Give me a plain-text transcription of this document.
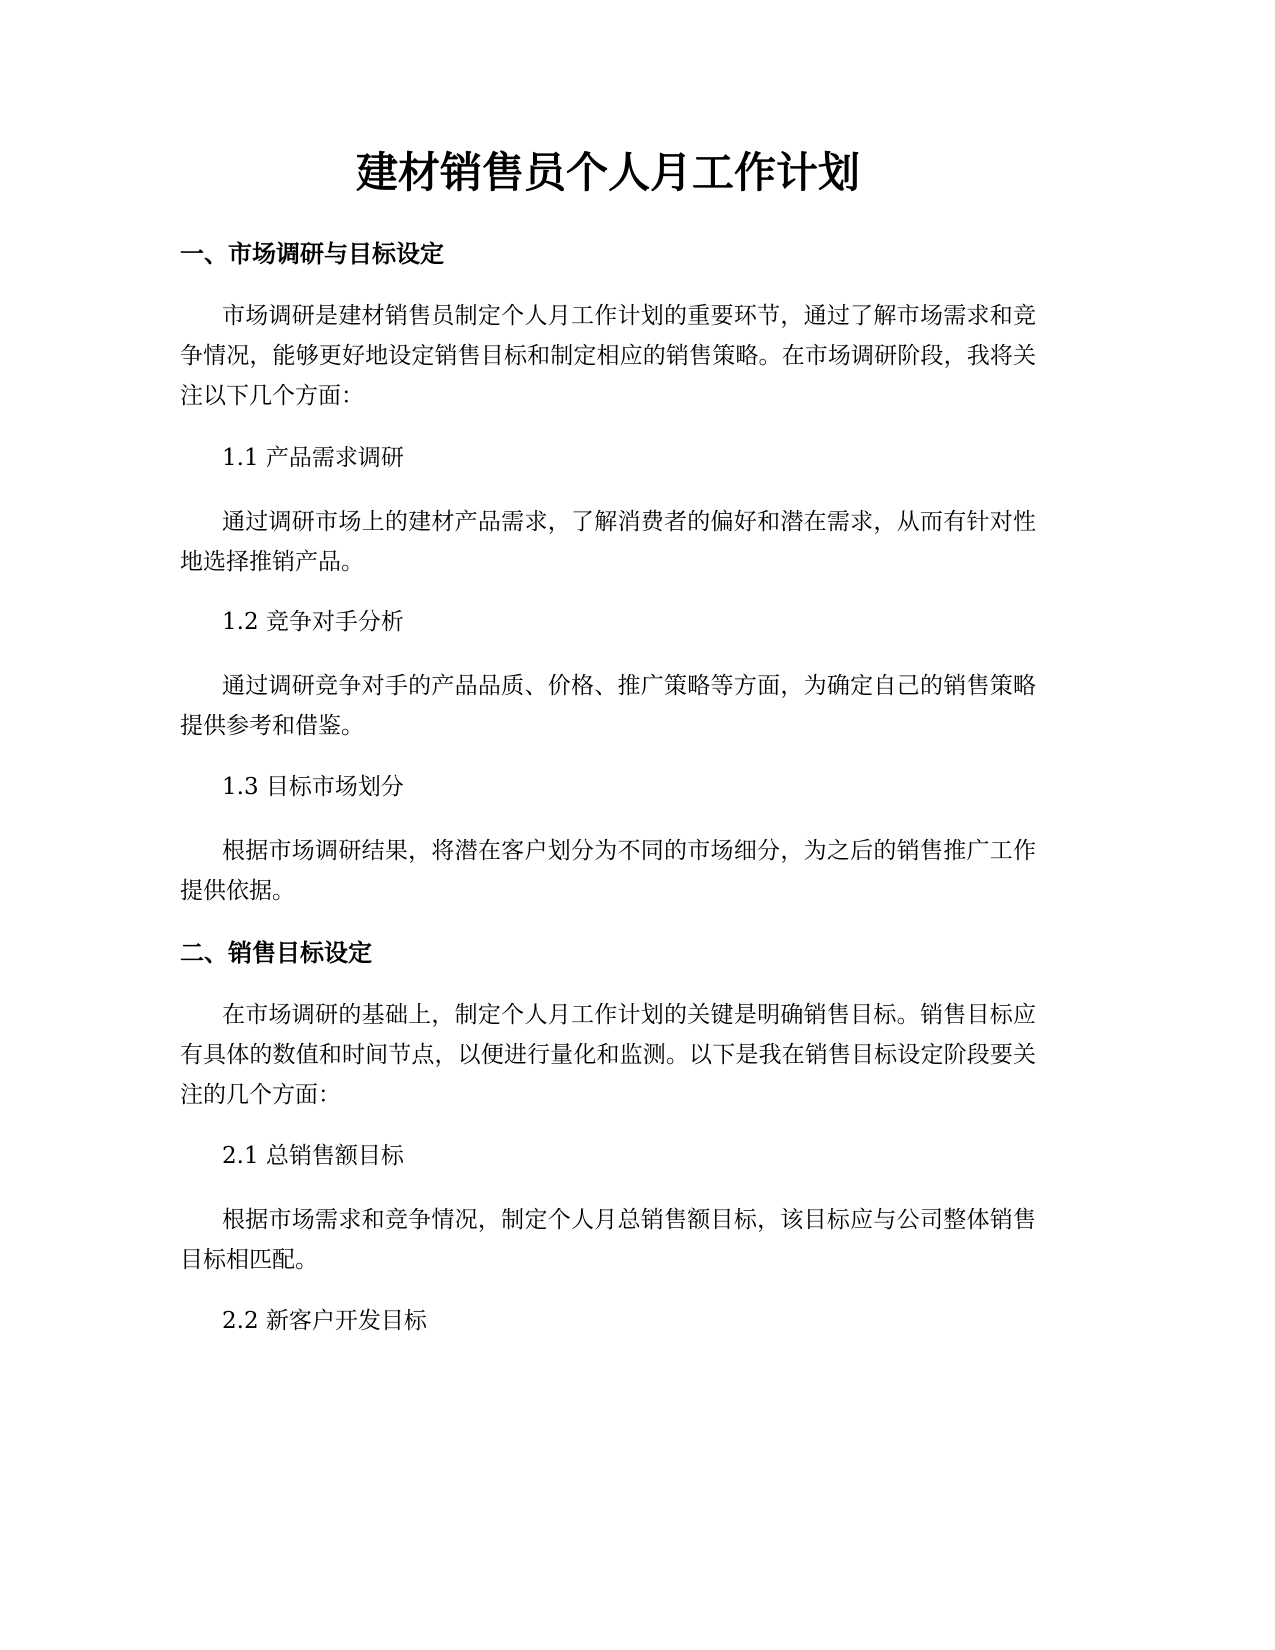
建材销售员个人月工作计划
一、市场调研与目标设定

市场调研是建材销售员制定个人月工作计划的重要环节，通过了解市场需求和竞争情况，能够更好地设定销售目标和制定相应的销售策略。在市场调研阶段，我将关注以下几个方面：

1.1 产品需求调研

通过调研市场上的建材产品需求，了解消费者的偏好和潜在需求，从而有针对性地选择推销产品。

1.2 竞争对手分析

通过调研竞争对手的产品品质、价格、推广策略等方面，为确定自己的销售策略提供参考和借鉴。

1.3 目标市场划分

根据市场调研结果，将潜在客户划分为不同的市场细分，为之后的销售推广工作提供依据。

二、销售目标设定

在市场调研的基础上，制定个人月工作计划的关键是明确销售目标。销售目标应有具体的数值和时间节点，以便进行量化和监测。以下是我在销售目标设定阶段要关注的几个方面：

2.1 总销售额目标

根据市场需求和竞争情况，制定个人月总销售额目标，该目标应与公司整体销售目标相匹配。

2.2 新客户开发目标
